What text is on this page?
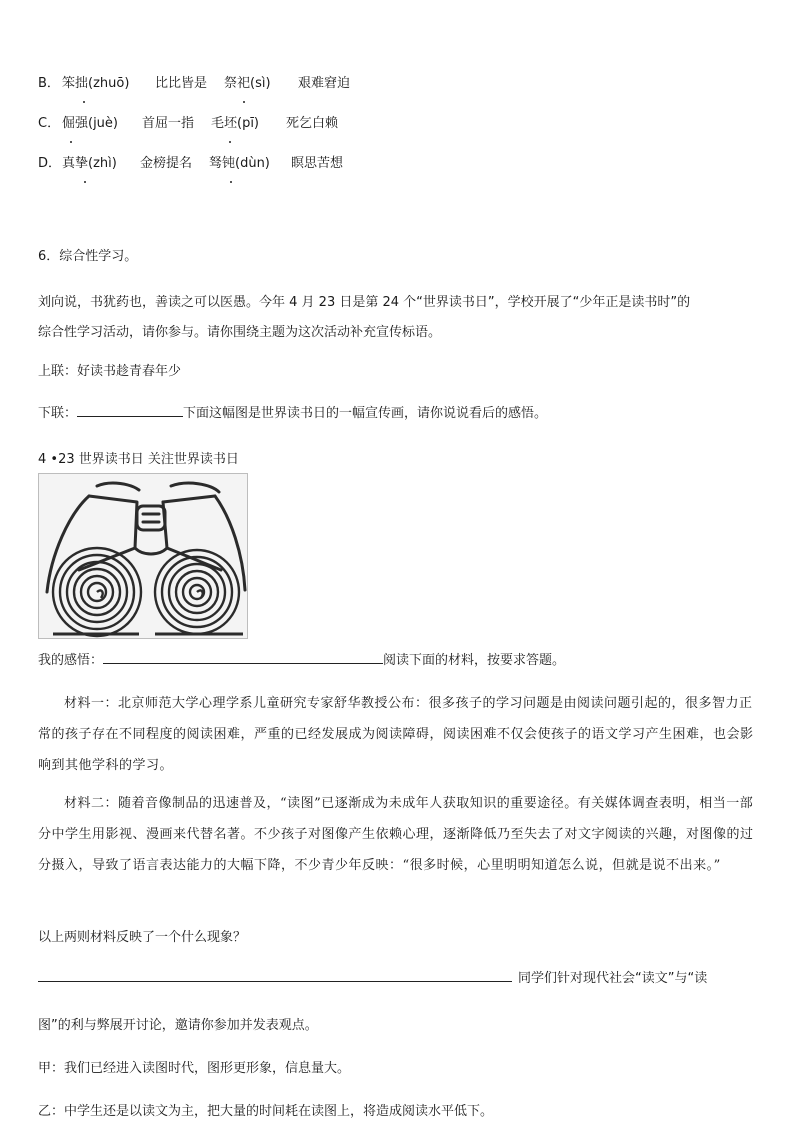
B． 笨拙(zhuō) 比比皆是 祭祀(sì) 艰难窘迫
C． 倔强(juè) 首屈一指 毛坯(pī) 死乞白赖
D． 真挚(zhì) 金榜提名 驽钝(dùn) 瞑思苦想
6．综合性学习。
刘向说，书犹药也，善读之可以医愚。今年 4 月 23 日是第 24 个“世界读书日”，学校开展了“少年正是读书时”的
综合性学习活动，请你参与。请你围绕主题为这次活动补充宣传标语。
上联：好读书趁青春年少
下联：	下面这幅图是世界读书日的一幅宣传画，请你说说看后的感悟。
4 •23 世界读书日 关注世界读书日
我的感悟：	阅读下面的材料，按要求答题。
材料一：北京师范大学心理学系儿童研究专家舒华教授公布：很多孩子的学习问题是由阅读问题引起的，很多智力正常的孩子存在不同程度的阅读困难，严重的已经发展成为阅读障碍，阅读困难不仅会使孩子的语文学习产生困难，也会影响到其他学科的学习。
材料二：随着音像制品的迅速普及，“读图”已逐渐成为未成年人获取知识的重要途径。有关媒体调查表明，相当一部分中学生用影视、漫画来代替名著。不少孩子对图像产生依赖心理，逐渐降低乃至失去了对文字阅读的兴趣，对图像的过分摄入，导致了语言表达能力的大幅下降，不少青少年反映：“很多时候，心里明明知道怎么说，但就是说不出来。”
以上两则材料反映了一个什么现象？
同学们针对现代社会“读文”与“读
图”的利与弊展开讨论，邀请你参加并发表观点。
甲：我们已经进入读图时代，图形更形象，信息量大。
乙：中学生还是以读文为主，把大量的时间耗在读图上，将造成阅读水平低下。
